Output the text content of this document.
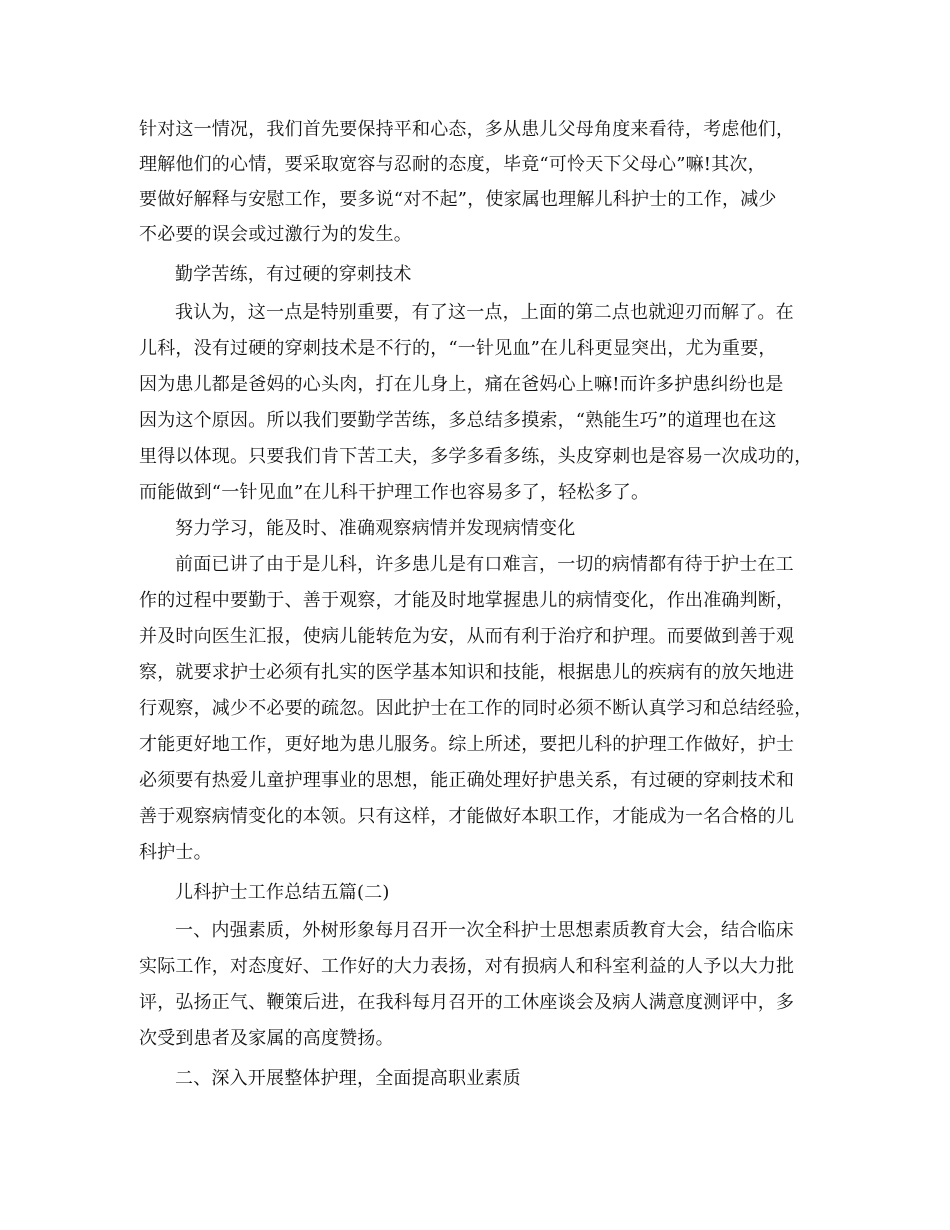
针对这一情况，我们首先要保持平和心态，多从患儿父母角度来看待，考虑他们，
理解他们的心情，要采取宽容与忍耐的态度，毕竟“可怜天下父母心”嘛!其次，
要做好解释与安慰工作，要多说“对不起”，使家属也理解儿科护士的工作，减少
不必要的误会或过激行为的发生。
勤学苦练，有过硬的穿刺技术
我认为，这一点是特别重要，有了这一点，上面的第二点也就迎刃而解了。在
儿科，没有过硬的穿刺技术是不行的，“一针见血”在儿科更显突出，尤为重要，
因为患儿都是爸妈的心头肉，打在儿身上，痛在爸妈心上嘛!而许多护患纠纷也是
因为这个原因。所以我们要勤学苦练，多总结多摸索，“熟能生巧”的道理也在这
里得以体现。只要我们肯下苦工夫，多学多看多练，头皮穿刺也是容易一次成功的，
而能做到“一针见血”在儿科干护理工作也容易多了，轻松多了。
努力学习，能及时、准确观察病情并发现病情变化
前面已讲了由于是儿科，许多患儿是有口难言，一切的病情都有待于护士在工
作的过程中要勤于、善于观察，才能及时地掌握患儿的病情变化，作出准确判断，
并及时向医生汇报，使病儿能转危为安，从而有利于治疗和护理。而要做到善于观
察，就要求护士必须有扎实的医学基本知识和技能，根据患儿的疾病有的放矢地进
行观察，减少不必要的疏忽。因此护士在工作的同时必须不断认真学习和总结经验，
才能更好地工作，更好地为患儿服务。综上所述，要把儿科的护理工作做好，护士
必须要有热爱儿童护理事业的思想，能正确处理好护患关系，有过硬的穿刺技术和
善于观察病情变化的本领。只有这样，才能做好本职工作，才能成为一名合格的儿
科护士。
儿科护士工作总结五篇(二)
一、内强素质，外树形象每月召开一次全科护士思想素质教育大会，结合临床
实际工作，对态度好、工作好的大力表扬，对有损病人和科室利益的人予以大力批
评，弘扬正气、鞭策后进，在我科每月召开的工休座谈会及病人满意度测评中，多
次受到患者及家属的高度赞扬。
二、深入开展整体护理，全面提高职业素质
